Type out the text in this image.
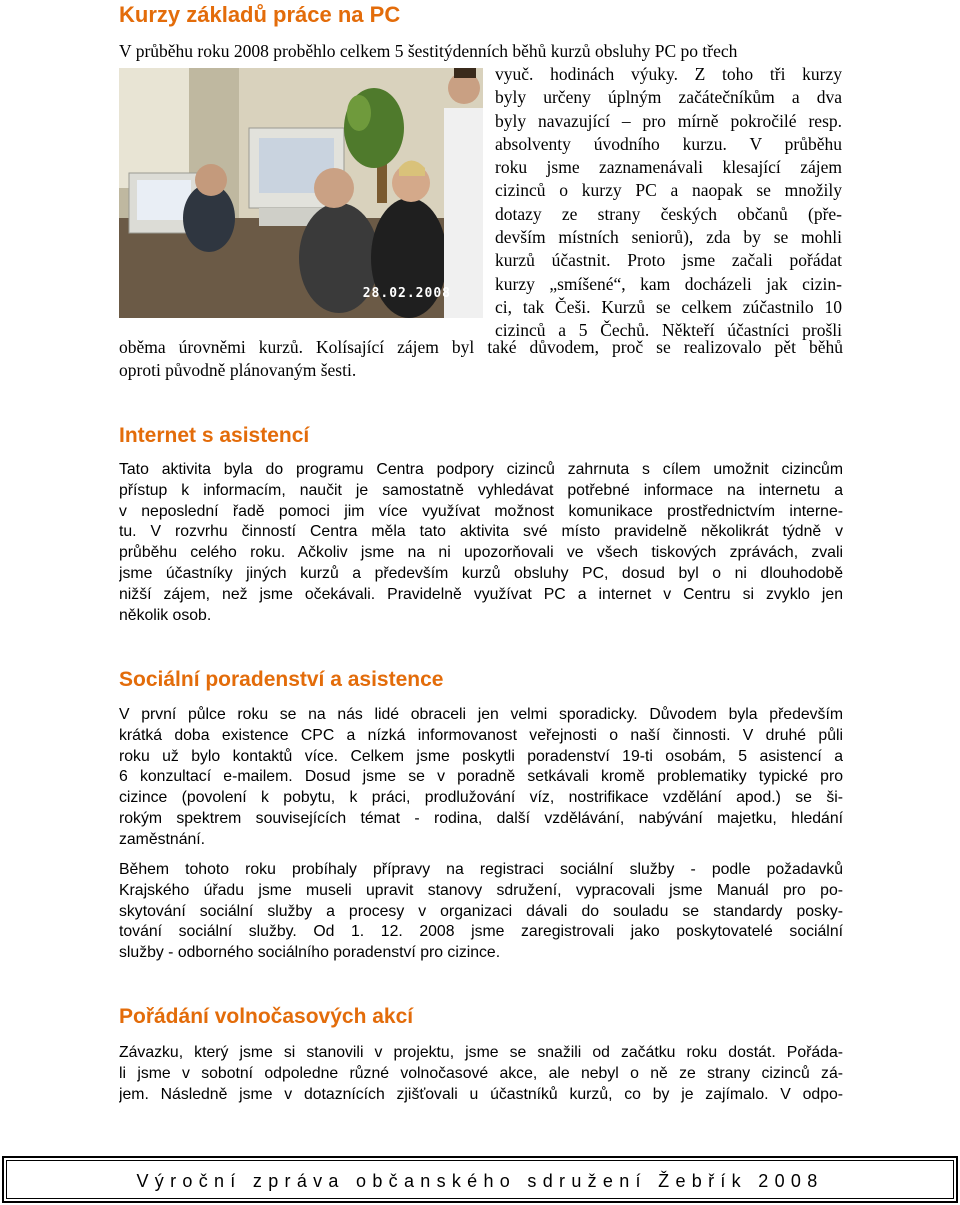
Kurzy základů práce na PC
V průběhu roku 2008 proběhlo celkem 5 šestitýdenních běhů kurzů obsluhy PC po třech
28.02.2008
vyuč. hodinách výuky. Z toho tři kurzy
byly určeny úplným začátečníkům a dva
byly navazující – pro mírně pokročilé resp.
absolventy úvodního kurzu. V průběhu
roku jsme zaznamenávali klesající zájem
cizinců o kurzy PC a naopak se množily
dotazy ze strany českých občanů (pře-
devším místních seniorů), zda by se mohli
kurzů účastnit. Proto jsme začali pořádat
kurzy „smíšené“, kam docházeli jak cizin-
ci, tak Češi. Kurzů se celkem zúčastnilo 10
cizinců a 5 Čechů. Někteří účastníci prošli
oběma úrovněmi kurzů. Kolísající zájem byl také důvodem, proč se realizovalo pět běhů
oproti původně plánovaným šesti.
Internet s asistencí
Tato aktivita byla do programu Centra podpory cizinců zahrnuta s cílem umožnit cizincům
přístup k informacím, naučit je samostatně vyhledávat potřebné informace na internetu a
v neposlední řadě pomoci jim více využívat možnost komunikace prostřednictvím interne-
tu. V rozvrhu činností Centra měla tato aktivita své místo pravidelně několikrát týdně v
průběhu celého roku. Ačkoliv jsme na ni upozorňovali ve všech tiskových zprávách, zvali
jsme účastníky jiných kurzů a především kurzů obsluhy PC, dosud byl o ni dlouhodobě
nižší zájem, než jsme očekávali. Pravidelně využívat PC a internet v Centru si zvyklo jen
několik osob.
Sociální poradenství a asistence
V první půlce roku se na nás lidé obraceli jen velmi sporadicky. Důvodem byla především
krátká doba existence CPC a nízká informovanost veřejnosti o naší činnosti. V druhé půli
roku už bylo kontaktů více. Celkem jsme poskytli poradenství 19-ti osobám, 5 asistencí a
6 konzultací e-mailem. Dosud jsme se v poradně setkávali kromě problematiky typické pro
cizince (povolení k pobytu, k práci, prodlužování víz, nostrifikace vzdělání apod.) se ši-
rokým spektrem souvisejících témat - rodina, další vzdělávání, nabývání majetku, hledání
zaměstnání.
Během tohoto roku probíhaly přípravy na registraci sociální služby - podle požadavků
Krajského úřadu jsme museli upravit stanovy sdružení, vypracovali jsme Manuál pro po-
skytování sociální služby a procesy v organizaci dávali do souladu se standardy posky-
tování sociální služby. Od 1. 12. 2008 jsme zaregistrovali jako poskytovatelé sociální
služby - odborného sociálního poradenství pro cizince.
Pořádání volnočasových akcí
Závazku, který jsme si stanovili v projektu, jsme se snažili od začátku roku dostát. Pořáda-
li jsme v sobotní odpoledne různé volnočasové akce, ale nebyl o ně ze strany cizinců zá-
jem. Následně jsme v dotaznících zjišťovali u účastníků kurzů, co by je zajímalo. V odpo-
Výroční zpráva občanského sdružení Žebřík 2008
